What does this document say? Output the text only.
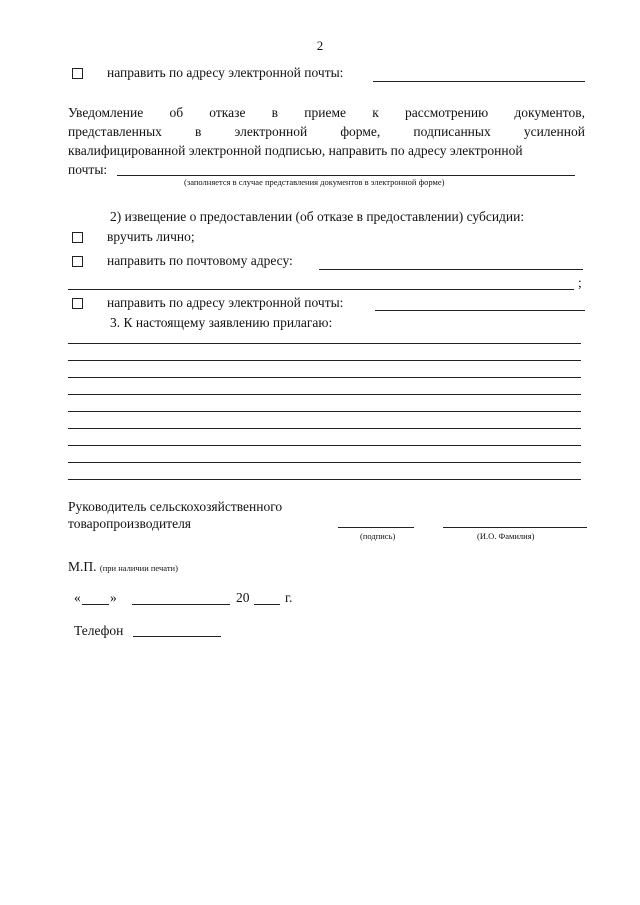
2
направить по адресу электронной почты:
Уведомление об отказе в приеме к рассмотрению документов,
представленных в электронной форме, подписанных усиленной
квалифицированной электронной подписью, направить по адресу электронной
почты:
(заполняется в случае представления документов в электронной форме)
2) извещение о предоставлении (об отказе в предоставлении) субсидии:
вручить лично;
направить по почтовому адресу:
;
направить по адресу электронной почты:
3. К настоящему заявлению прилагаю:
Руководитель сельскохозяйственного
товаропроизводителя
(подпись)	(И.О. Фамилия)
М.П. (при наличии печати)
« »	20	г.
Телефон
